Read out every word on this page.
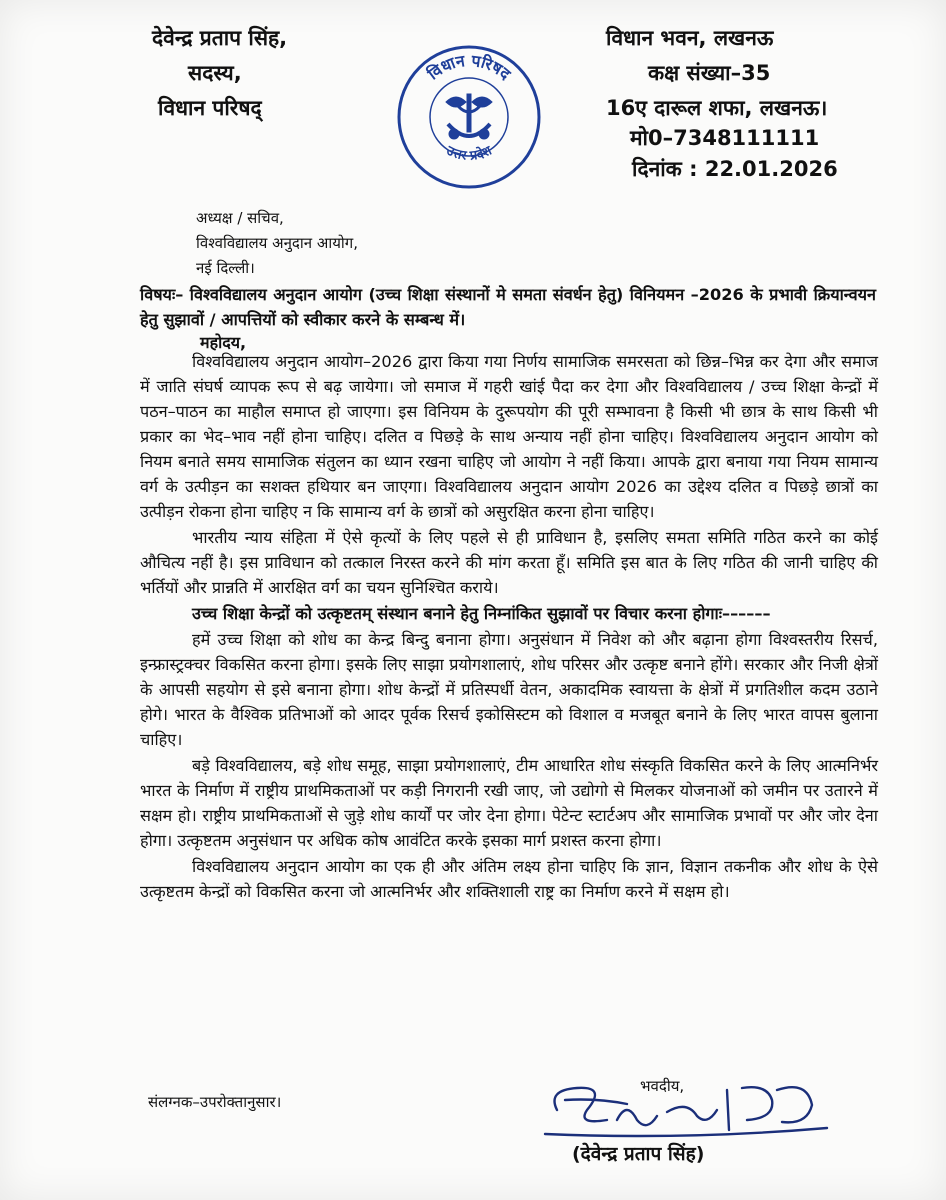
देवेन्द्र प्रताप सिंह,
सदस्य,
विधान परिषद्
विधान परिषद
उत्तर प्रदेश
विधान भवन, लखनऊ
कक्ष संख्या–35
16ए दारूल शफा, लखनऊ।
मो0–7348111111
दिनांक : 22.01.2026
अध्यक्ष / सचिव,
विश्वविद्यालय अनुदान आयोग,
नई दिल्ली।
विषयः– विश्वविद्यालय अनुदान आयोग (उच्च शिक्षा संस्थानों मे समता संवर्धन हेतु) विनियमन –2026 के प्रभावी क्रियान्वयन हेतु सुझावों / आपत्तियों को स्वीकार करने के सम्बन्ध में।
महोदय,

विश्वविद्यालय अनुदान आयोग–2026 द्वारा किया गया निर्णय सामाजिक समरसता को छिन्न–भिन्न कर देगा और समाज में जाति संघर्ष व्यापक रूप से बढ़ जायेगा। जो समाज में गहरी खांई पैदा कर देगा और विश्वविद्यालय / उच्च शिक्षा केन्द्रों में पठन–पाठन का माहौल समाप्त हो जाएगा। इस विनियम के दुरूपयोग की पूरी सम्भावना है किसी भी छात्र के साथ किसी भी प्रकार का भेद–भाव नहीं होना चाहिए। दलित व पिछड़े के साथ अन्याय नहीं होना चाहिए। विश्वविद्यालय अनुदान आयोग को नियम बनाते समय सामाजिक संतुलन का ध्यान रखना चाहिए जो आयोग ने नहीं किया। आपके द्वारा बनाया गया नियम सामान्य वर्ग के उत्पीड़न का सशक्त हथियार बन जाएगा। विश्वविद्यालय अनुदान आयोग 2026 का उद्देश्य दलित व पिछड़े छात्रों का उत्पीड़न रोकना होना चाहिए न कि सामान्य वर्ग के छात्रों को असुरक्षित करना होना चाहिए।

भारतीय न्याय संहिता में ऐसे कृत्यों के लिए पहले से ही प्राविधान है, इसलिए समता समिति गठित करने का कोई औचित्य नहीं है। इस प्राविधान को तत्काल निरस्त करने की मांग करता हूँ। समिति इस बात के लिए गठित की जानी चाहिए की भर्तियों और प्रान्नति में आरक्षित वर्ग का चयन सुनिश्चित कराये।

उच्च शिक्षा केन्द्रों को उत्कृष्टतम् संस्थान बनाने हेतु निम्नांकित सुझावों पर विचार करना होगाः––––––

हमें उच्च शिक्षा को शोध का केन्द्र बिन्दु बनाना होगा। अनुसंधान में निवेश को और बढ़ाना होगा विश्वस्तरीय रिसर्च, इन्फ्रास्ट्रक्चर विकसित करना होगा। इसके लिए साझा प्रयोगशालाएं, शोध परिसर और उत्कृष्ट बनाने होंगे। सरकार और निजी क्षेत्रों के आपसी सहयोग से इसे बनाना होगा। शोध केन्द्रों में प्रतिस्पर्धी वेतन, अकादमिक स्वायत्ता के क्षेत्रों में प्रगतिशील कदम उठाने होगे। भारत के वैश्विक प्रतिभाओं को आदर पूर्वक रिसर्च इकोसिस्टम को विशाल व मजबूत बनाने के लिए भारत वापस बुलाना चाहिए।

बड़े विश्वविद्यालय, बड़े शोध समूह, साझा प्रयोगशालाएं, टीम आधारित शोध संस्कृति विकसित करने के लिए आत्मनिर्भर भारत के निर्माण में राष्ट्रीय प्राथमिकताओं पर कड़ी निगरानी रखी जाए, जो उद्योगो से मिलकर योजनाओं को जमीन पर उतारने में सक्षम हो। राष्ट्रीय प्राथमिकताओं से जुड़े शोध कार्यों पर जोर देना होगा। पेटेन्ट स्टार्टअप और सामाजिक प्रभावों पर और जोर देना होगा। उत्कृष्टतम अनुसंधान पर अधिक कोष आवंटित करके इसका मार्ग प्रशस्त करना होगा।

विश्वविद्यालय अनुदान आयोग का एक ही और अंतिम लक्ष्य होना चाहिए कि ज्ञान, विज्ञान तकनीक और शोध के ऐसे उत्कृष्टतम केन्द्रों को विकसित करना जो आत्मनिर्भर और शक्तिशाली राष्ट्र का निर्माण करने में सक्षम हो।

संलग्नक–उपरोक्तानुसार।
भवदीय,
(देवेन्द्र प्रताप सिंह)
